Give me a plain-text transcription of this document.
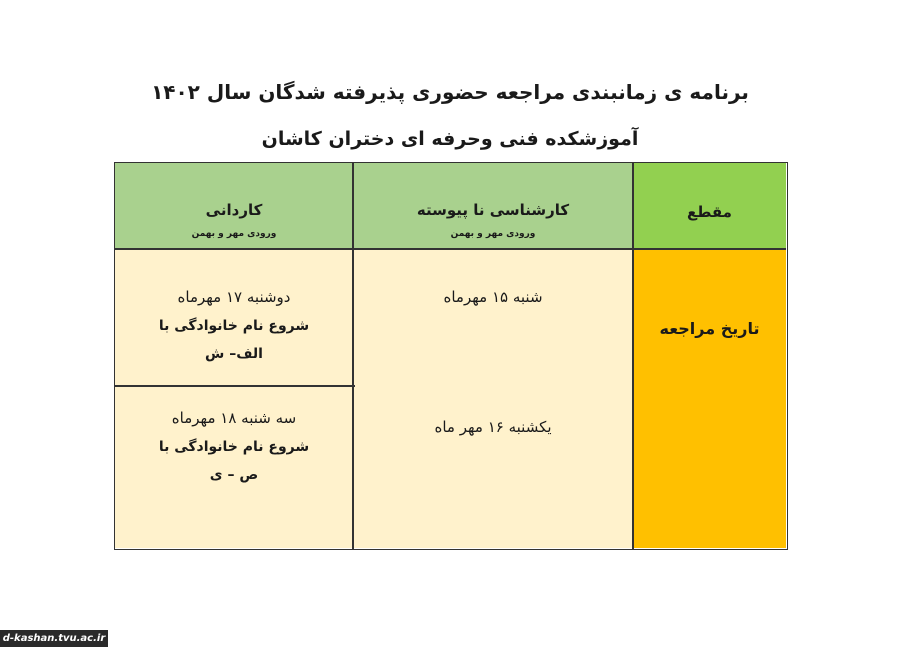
برنامه ی زمانبندی مراجعه حضوری پذیرفته شدگان سال ۱۴۰۲
آموزشکده فنی وحرفه ای دختران کاشان
کاردانی
ورودی مهر و بهمن
کارشناسی نا پیوسته
ورودی مهر و بهمن
مقطع
تاریخ مراجعه
دوشنبه ۱۷ مهرماه
شروع نام خانوادگی با
الف– ش
سه شنبه ۱۸ مهرماه
شروع نام خانوادگی با
ص – ی
شنبه ۱۵ مهرماه
یکشنبه ۱۶ مهر ماه
d-kashan.tvu.ac.ir
